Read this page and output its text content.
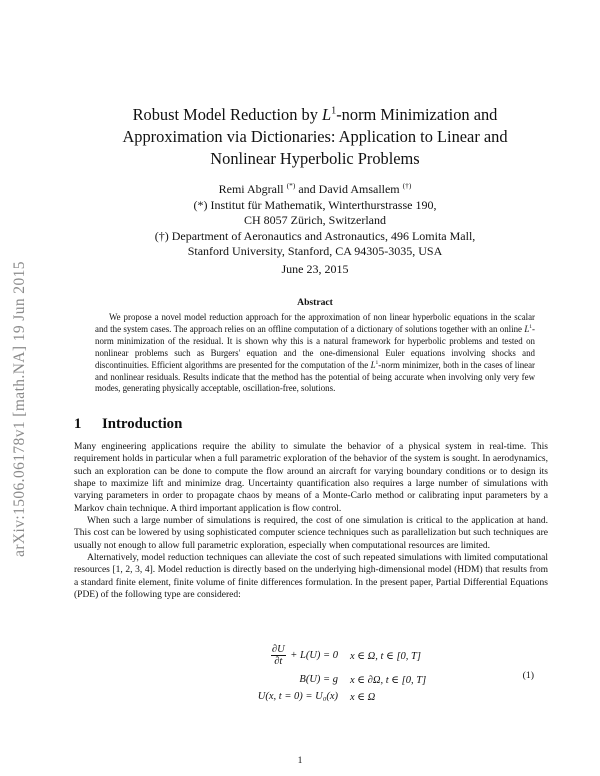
arXiv:1506.06178v1 [math.NA] 19 Jun 2015
Robust Model Reduction by $L^1$-norm Minimization and
Approximation via Dictionaries: Application to Linear and
Nonlinear Hyperbolic Problems
Remi Abgrall (*) and David Amsallem (†)
(*) Institut für Mathematik, Winterthurstrasse 190,
CH 8057 Zürich, Switzerland
(†) Department of Aeronautics and Astronautics, 496 Lomita Mall,
Stanford University, Stanford, CA 94305-3035, USA
June 23, 2015
Abstract
We propose a novel model reduction approach for the approximation of non linear hyperbolic equations in the scalar and the system cases. The approach relies on an offline computation of a dictionary of solutions together with an online $L^1$-norm minimization of the residual. It is shown why this is a natural framework for hyperbolic problems and tested on nonlinear problems such as Burgers' equation and the one-dimensional Euler equations involving shocks and discontinuities. Efficient algorithms are presented for the computation of the $L^1$-norm minimizer, both in the cases of linear and nonlinear residuals. Results indicate that the method has the potential of being accurate when involving only very few modes, generating physically acceptable, oscillation-free, solutions.
1 Introduction

Many engineering applications require the ability to simulate the behavior of a physical system in real-time. This requirement holds in particular when a full parametric exploration of the behavior of the system is sought. In aerodynamics, such an exploration can be done to compute the flow around an aircraft for varying boundary conditions or to design its shape to maximize lift and minimize drag. Uncertainty quantification also requires a large number of simulations with varying parameters in order to propagate chaos by means of a Monte-Carlo method or calibrating input parameters by a Markov chain technique. A third important application is flow control.

When such a large number of simulations is required, the cost of one simulation is critical to the application at hand. This cost can be lowered by using sophisticated computer science techniques such as parallelization but such techniques are usually not enough to allow full parametric exploration, especially when computational resources are limited.

Alternatively, model reduction techniques can alleviate the cost of such repeated simulations with limited computational resources [1, 2, 3, 4]. Model reduction is directly based on the underlying high-dimensional model (HDM) that results from a standard finite element, finite volume of finite differences formulation. In the present paper, Partial Differential Equations (PDE) of the following type are considered:

$\frac{\partial U}{\partial t} + L(U) = 0$ x ∈ Ω, t ∈ [0, T]
B(U) = g x ∈ ∂Ω, t ∈ [0, T]
U(x, t = 0) = U₀(x) x ∈ Ω
(1)
1
